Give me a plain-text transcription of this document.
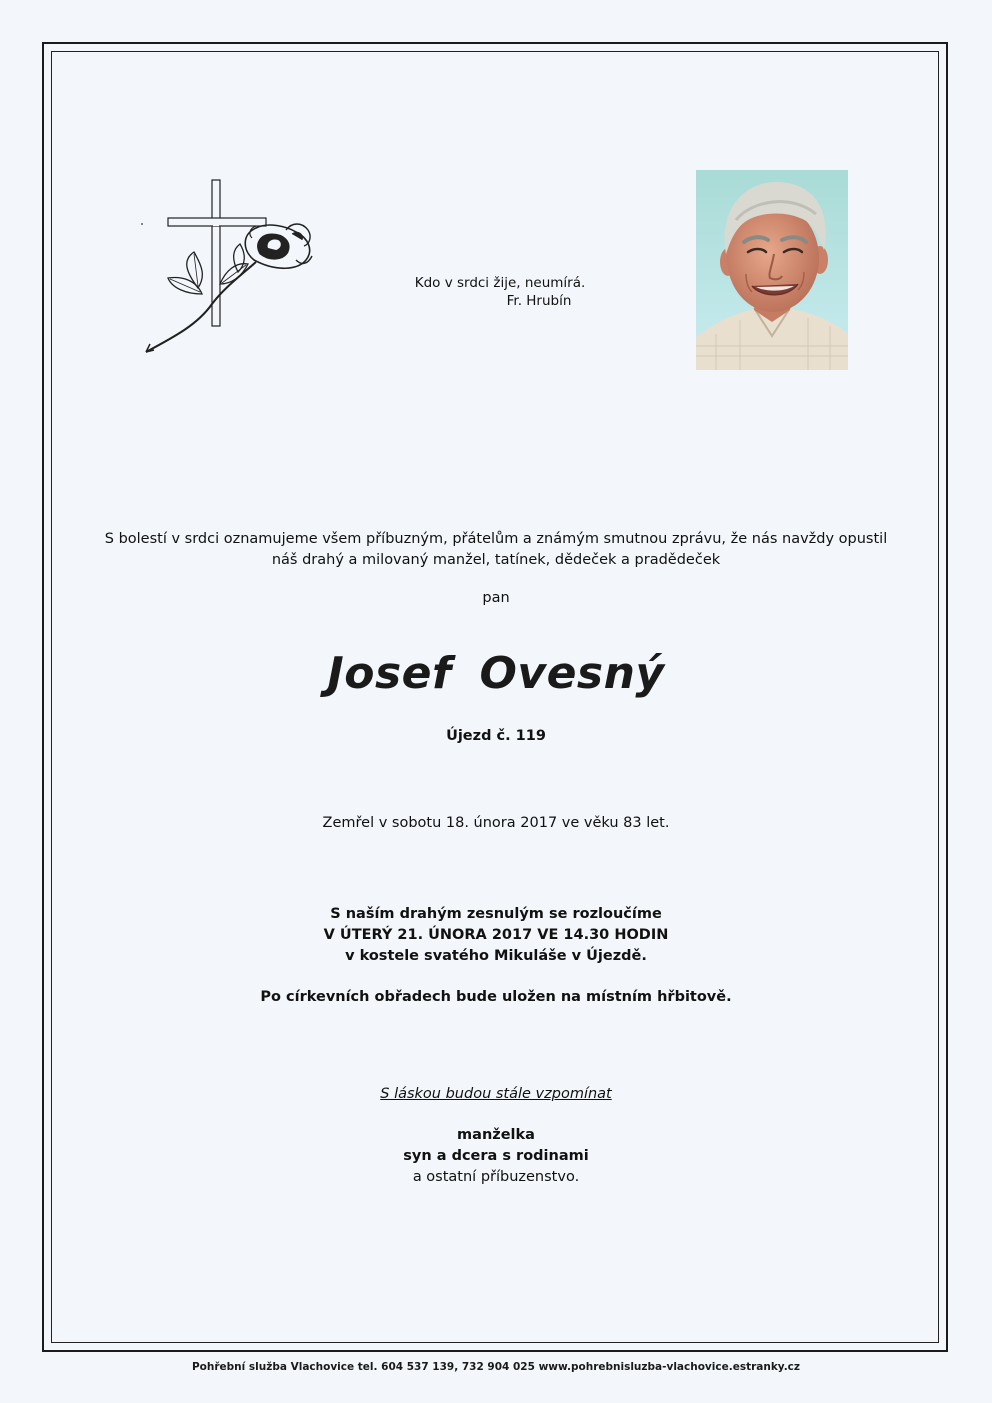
Kdo v srdci žije, neumírá.
Fr. Hrubín
S bolestí v srdci oznamujeme všem příbuzným, přátelům a známým smutnou zprávu, že nás navždy opustil
náš drahý a milovaný manžel, tatínek, dědeček a pradědeček
pan
Josef Ovesný
Újezd č. 119
Zemřel v sobotu 18. února 2017 ve věku 83 let.
S naším drahým zesnulým se rozloučíme
V ÚTERÝ 21. ÚNORA 2017 VE 14.30 HODIN
v kostele svatého Mikuláše v Újezdě.
Po církevních obřadech bude uložen na místním hřbitově.
S láskou budou stále vzpomínat
manželka
syn a dcera s rodinami
a ostatní příbuzenstvo.
Pohřební služba Vlachovice tel. 604 537 139, 732 904 025 www.pohrebnisluzba-vlachovice.estranky.cz
